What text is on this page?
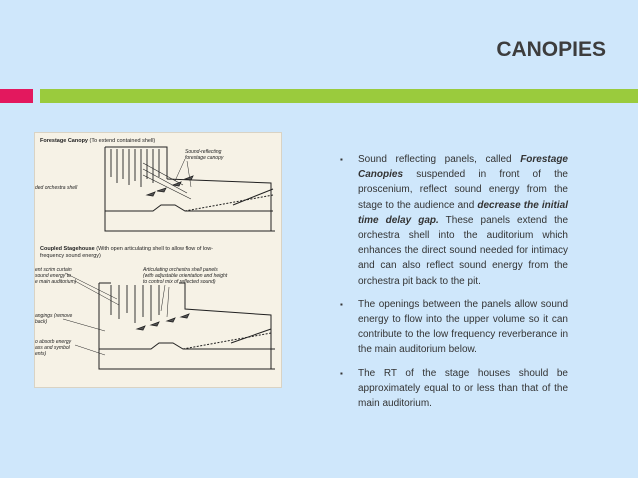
CANOPIES
Forestage Canopy (To extend contained shell)
Sound-reflecting
forestage canopy
ded orchestra shell
Coupled Stagehouse (With open articulating shell to allow flow of low-
frequency sound energy)
ent scrim curtain
sound energy to
e main auditorium)
Articulating orchestra shell panels
(with adjustable orientation and height
to control mix of reflected sound)
angings (remove
back)
o absorb energy
ass and symbol
ents)
▪ Sound reflecting panels, called Forestage Canopies suspended in front of the proscenium, reflect sound energy from the stage to the audience and decrease the initial time delay gap. These panels extend the orchestra shell into the auditorium which enhances the direct sound needed for intimacy and can also reflect sound energy from the orchestra pit back to the pit.
▪ The openings between the panels allow sound energy to flow into the upper volume so it can contribute to the low frequency reverberance in the main auditorium below.
▪ The RT of the stage houses should be approximately equal to or less than that of the main auditorium.
